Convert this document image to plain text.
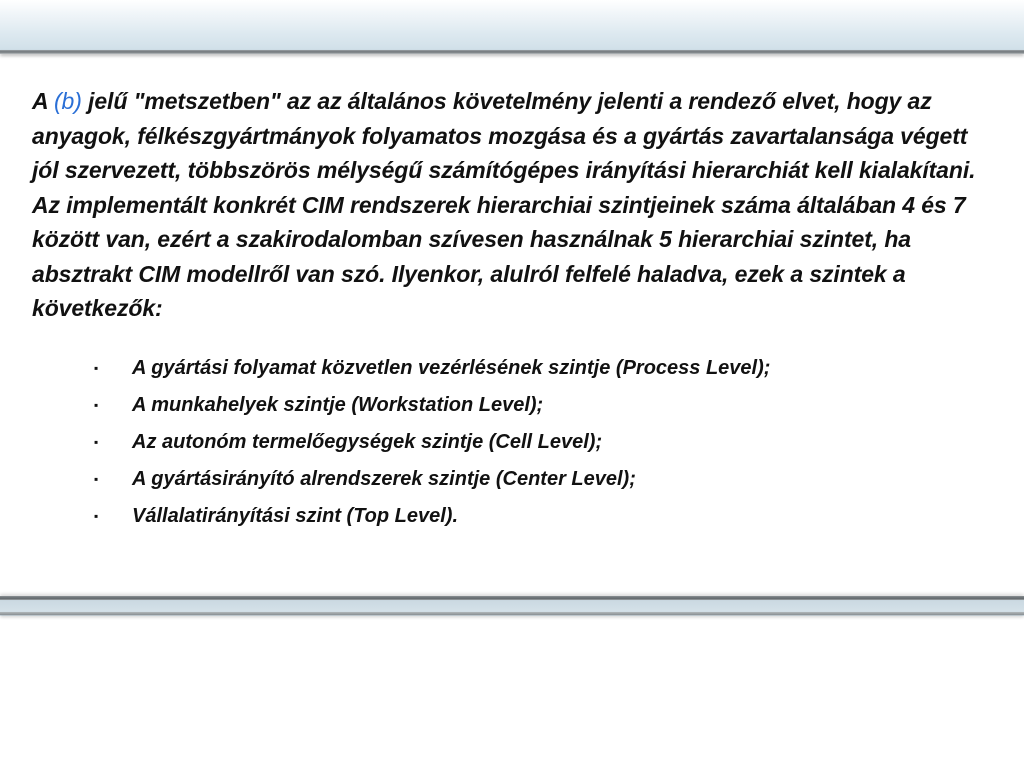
A (b) jelű "metszetben" az az általános követelmény jelenti a rendező elvet, hogy az anyagok, félkészgyártmányok folyamatos mozgása és a gyártás zavartalansága végett jól szervezett, többszörös mélységű számítógépes irányítási hierarchiát kell kialakítani. Az implementált konkrét CIM rendszerek hierarchiai szintjeinek száma általában 4 és 7 között van, ezért a szakirodalomban szívesen használnak 5 hierarchiai szintet, ha absztrakt CIM modellről van szó. Ilyenkor, alulról felfelé haladva, ezek a szintek a következők:

▪ A gyártási folyamat közvetlen vezérlésének szintje (Process Level);
▪ A munkahelyek szintje (Workstation Level);
▪ Az autonóm termelőegységek szintje (Cell Level);
▪ A gyártásirányító alrendszerek szintje (Center Level);
▪ Vállalatirányítási szint (Top Level).
